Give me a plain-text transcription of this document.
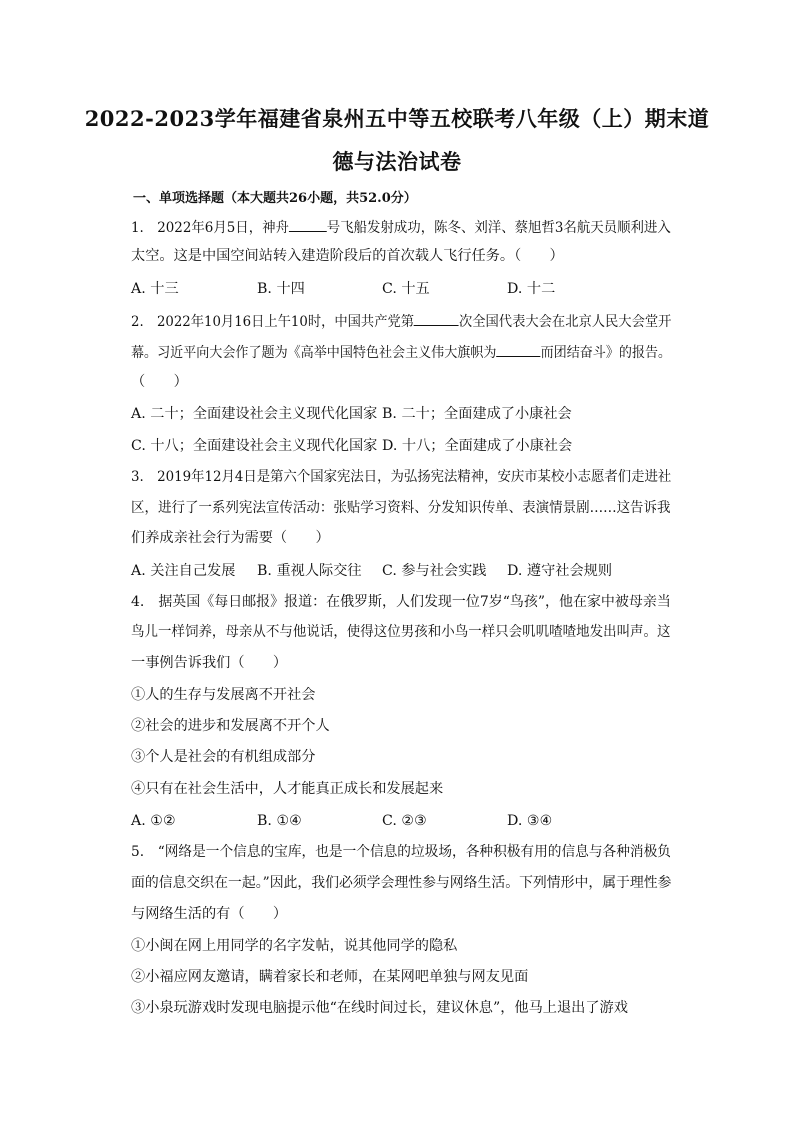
2022-2023学年福建省泉州五中等五校联考八年级（上）期末道
德与法治试卷
一、单项选择题（本大题共26小题，共52.0分）
1.　2022年6月5日，神舟	号飞船发射成功，陈冬、刘洋、蔡旭哲3名航天员顺利进入
太空。这是中国空间站转入建造阶段后的首次载人飞行任务。（　　）
A. 十三	B. 十四	C. 十五	D. 十二
2.　2022年10月16日上午10时，中国共产党第	次全国代表大会在北京人民大会堂开
幕。习近平向大会作了题为《高举中国特色社会主义伟大旗帜为	而团结奋斗》的报告。
（　　）
A. 二十；全面建设社会主义现代化国家 B. 二十；全面建成了小康社会
C. 十八；全面建设社会主义现代化国家 D. 十八；全面建成了小康社会
3.　2019年12月4日是第六个国家宪法日，为弘扬宪法精神，安庆市某校小志愿者们走进社
区，进行了一系列宪法宣传活动：张贴学习资料、分发知识传单、表演情景剧……这告诉我
们养成亲社会行为需要（　　）
A. 关注自己发展 B. 重视人际交往 C. 参与社会实践 D. 遵守社会规则
4.　据英国《每日邮报》报道：在俄罗斯，人们发现一位7岁“鸟孩”，他在家中被母亲当
鸟儿一样饲养，母亲从不与他说话，使得这位男孩和小鸟一样只会叽叽喳喳地发出叫声。这
一事例告诉我们（　　）
①人的生存与发展离不开社会
②社会的进步和发展离不开个人
③个人是社会的有机组成部分
④只有在社会生活中，人才能真正成长和发展起来
A. ①②	B. ①④	C. ②③	D. ③④
5.　“网络是一个信息的宝库，也是一个信息的垃圾场，各种积极有用的信息与各种消极负
面的信息交织在一起。”因此，我们必须学会理性参与网络生活。下列情形中，属于理性参
与网络生活的有（　　）
①小闽在网上用同学的名字发帖，说其他同学的隐私
②小福应网友邀请，瞒着家长和老师，在某网吧单独与网友见面
③小泉玩游戏时发现电脑提示他“在线时间过长，建议休息”，他马上退出了游戏
